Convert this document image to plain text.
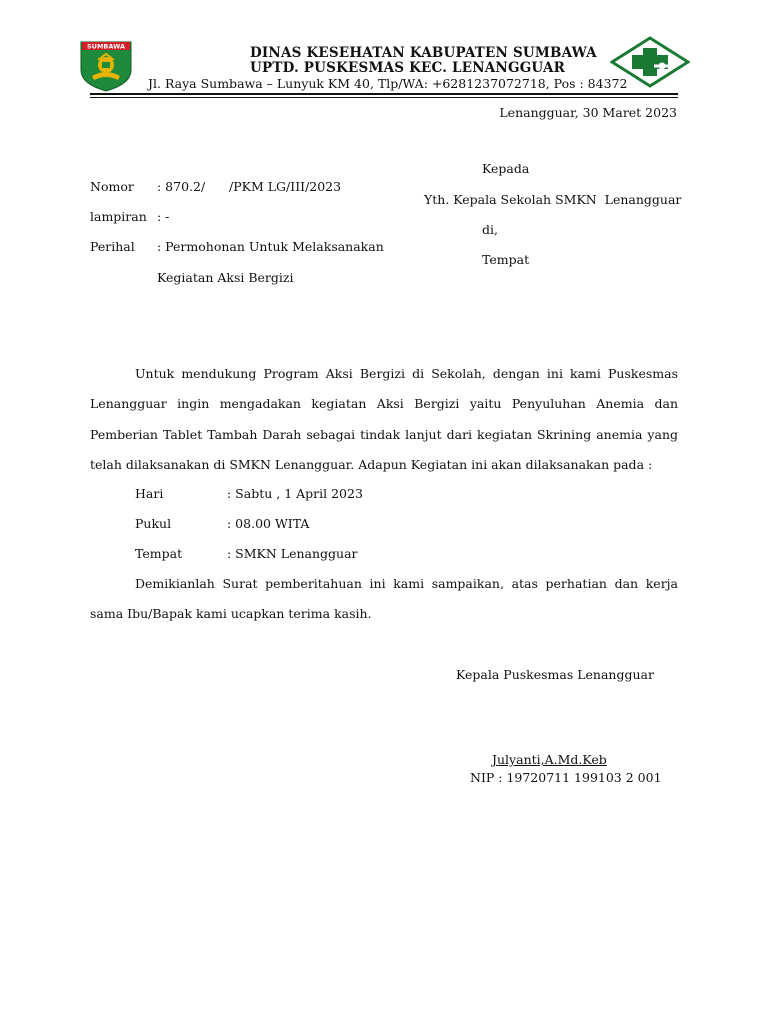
SUMBAWA	DINAS KESEHATAN KABUPATEN SUMBAWA
UPTD. PUSKESMAS KEC. LENANGGUAR
Jl. Raya Sumbawa – Lunyuk KM 40, Tlp/WA: +6281237072718, Pos : 84372
Lenangguar, 30 Maret 2023
Nomor : 870.2/      /PKM LG/III/2023
lampiran : -
Perihal : Permohonan Untuk Melaksanakan
Kegiatan Aksi Bergizi
Kepada
Yth. Kepala Sekolah SMKN  Lenangguar
di,
Tempat
Untuk mendukung Program Aksi Bergizi di Sekolah, dengan ini kami Puskesmas Lenangguar ingin mengadakan kegiatan Aksi Bergizi yaitu Penyuluhan Anemia dan Pemberian Tablet Tambah Darah sebagai tindak lanjut dari kegiatan Skrining anemia yang telah dilaksanakan di SMKN Lenangguar. Adapun Kegiatan ini akan dilaksanakan pada :
Hari	: Sabtu , 1 April 2023
Pukul	: 08.00 WITA
Tempat	: SMKN Lenangguar
Demikianlah Surat pemberitahuan ini kami sampaikan, atas perhatian dan kerja sama Ibu/Bapak kami ucapkan terima kasih.
Kepala Puskesmas Lenangguar
Julyanti,A.Md.Keb
NIP : 19720711 199103 2 001
